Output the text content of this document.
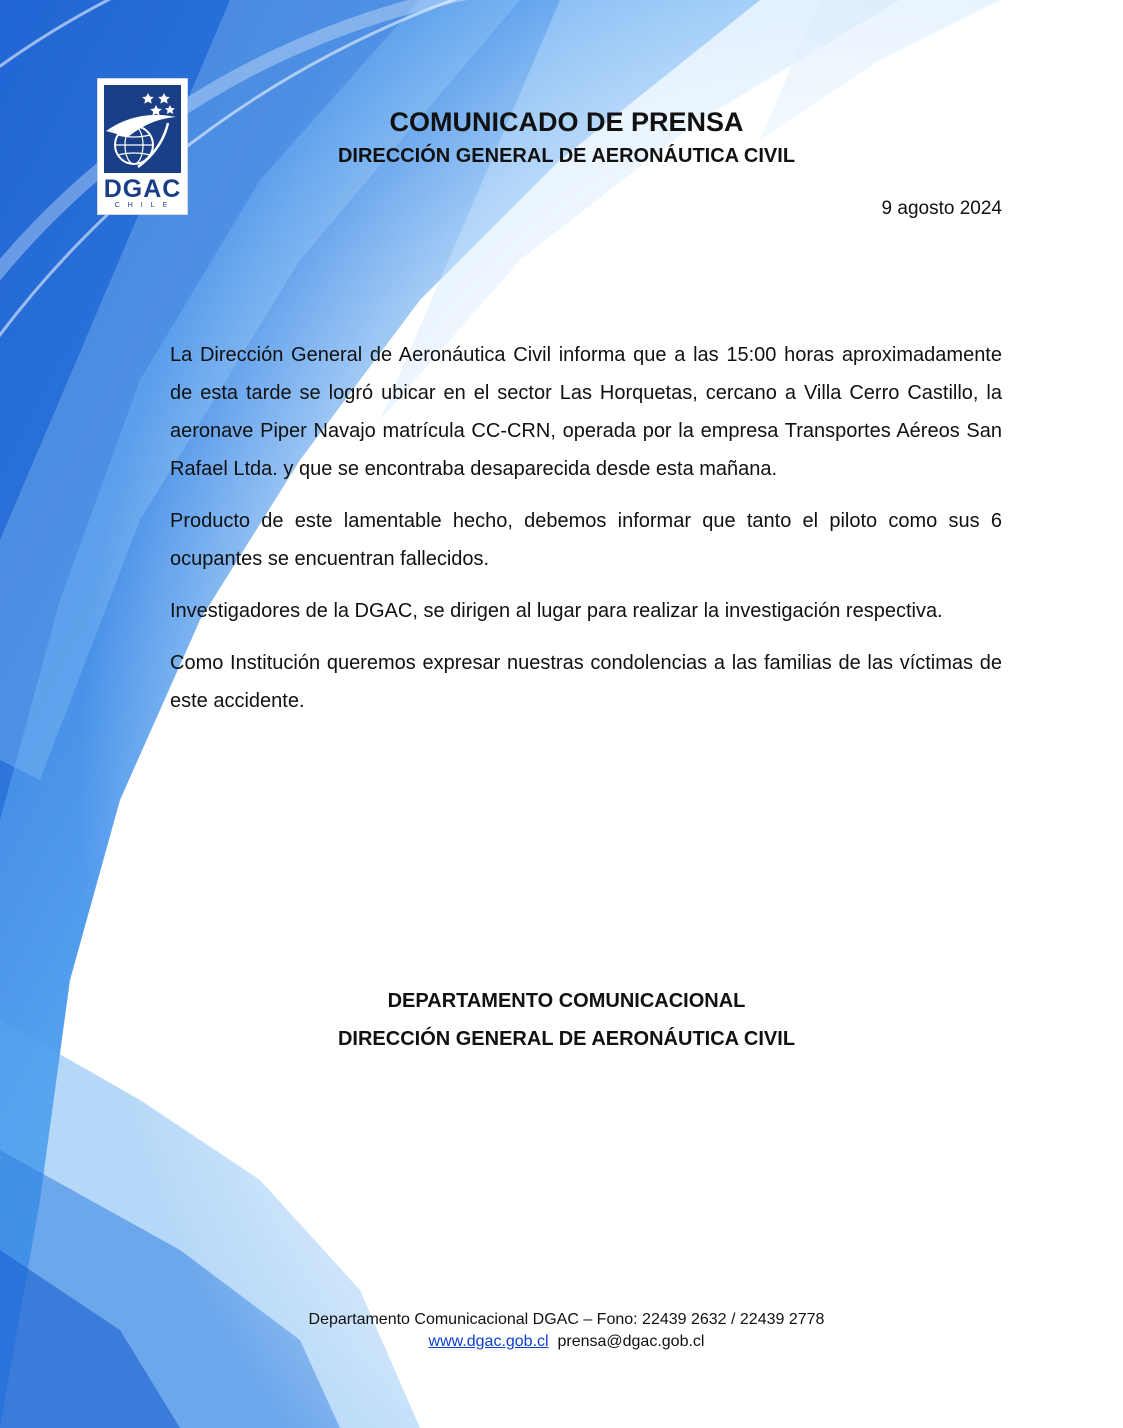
DGAC
CHILE
COMUNICADO DE PRENSA
DIRECCIÓN GENERAL DE AERONÁUTICA CIVIL
9 agosto 2024

La Dirección General de Aeronáutica Civil informa que a las 15:00 horas aproximadamente de esta tarde se logró ubicar en el sector Las Horquetas, cercano a Villa Cerro Castillo, la aeronave Piper Navajo matrícula CC-CRN, operada por la empresa Transportes Aéreos San Rafael Ltda. y que se encontraba desaparecida desde esta mañana.

Producto de este lamentable hecho, debemos informar que tanto el piloto como sus 6 ocupantes se encuentran fallecidos.

Investigadores de la DGAC, se dirigen al lugar para realizar la investigación respectiva.

Como Institución queremos expresar nuestras condolencias a las familias de las víctimas de este accidente.

DEPARTAMENTO COMUNICACIONAL
DIRECCIÓN GENERAL DE AERONÁUTICA CIVIL
Departamento Comunicacional DGAC – Fono: 22439 2632 / 22439 2778
www.dgac.gob.cl prensa@dgac.gob.cl
